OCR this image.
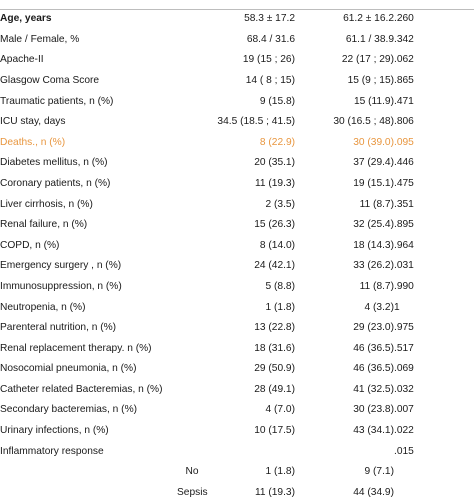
Age, years	58.3 ± 17.2	61.2 ± 16.2	.260
Male / Female, %	68.4 / 31.6	61.1 / 38.9	.342
Apache-II	19 (15 ; 26)	22 (17 ; 29)	.062
Glasgow Coma Score	14 ( 8 ; 15)	15 (9 ; 15)	.865
Traumatic patients, n (%)	9 (15.8)	15 (11.9)	.471
ICU stay, days	34.5 (18.5 ; 41.5)	30 (16.5 ; 48)	.806
Deaths., n (%)	8 (22.9)	30 (39.0)	.095
Diabetes mellitus, n (%)	20 (35.1)	37 (29.4)	.446
Coronary patients, n (%)	11 (19.3)	19 (15.1)	.475
Liver cirrhosis, n (%)	2 (3.5)	11 (8.7)	.351
Renal failure, n (%)	15 (26.3)	32 (25.4)	.895
COPD, n (%)	8 (14.0)	18 (14.3)	.964
Emergency surgery , n (%)	24 (42.1)	33 (26.2)	.031
Immunosuppression, n (%)	5 (8.8)	11 (8.7)	.990
Neutropenia, n (%)	1 (1.8)	4 (3.2)	1
Parenteral nutrition, n (%)	13 (22.8)	29 (23.0)	.975
Renal replacement therapy. n (%)	18 (31.6)	46 (36.5)	.517
Nosocomial pneumonia, n (%)	29 (50.9)	46 (36.5)	.069
Catheter related Bacteremias, n (%)	28 (49.1)	41 (32.5)	.032
Secondary bacteremias, n (%)	4 (7.0)	30 (23.8)	.007
Urinary infections, n (%)	10 (17.5)	43 (34.1)	.022
Inflammatory response			.015
No	1 (1.8)	9 (7.1)	
Sepsis	11 (19.3)	44 (34.9)	
